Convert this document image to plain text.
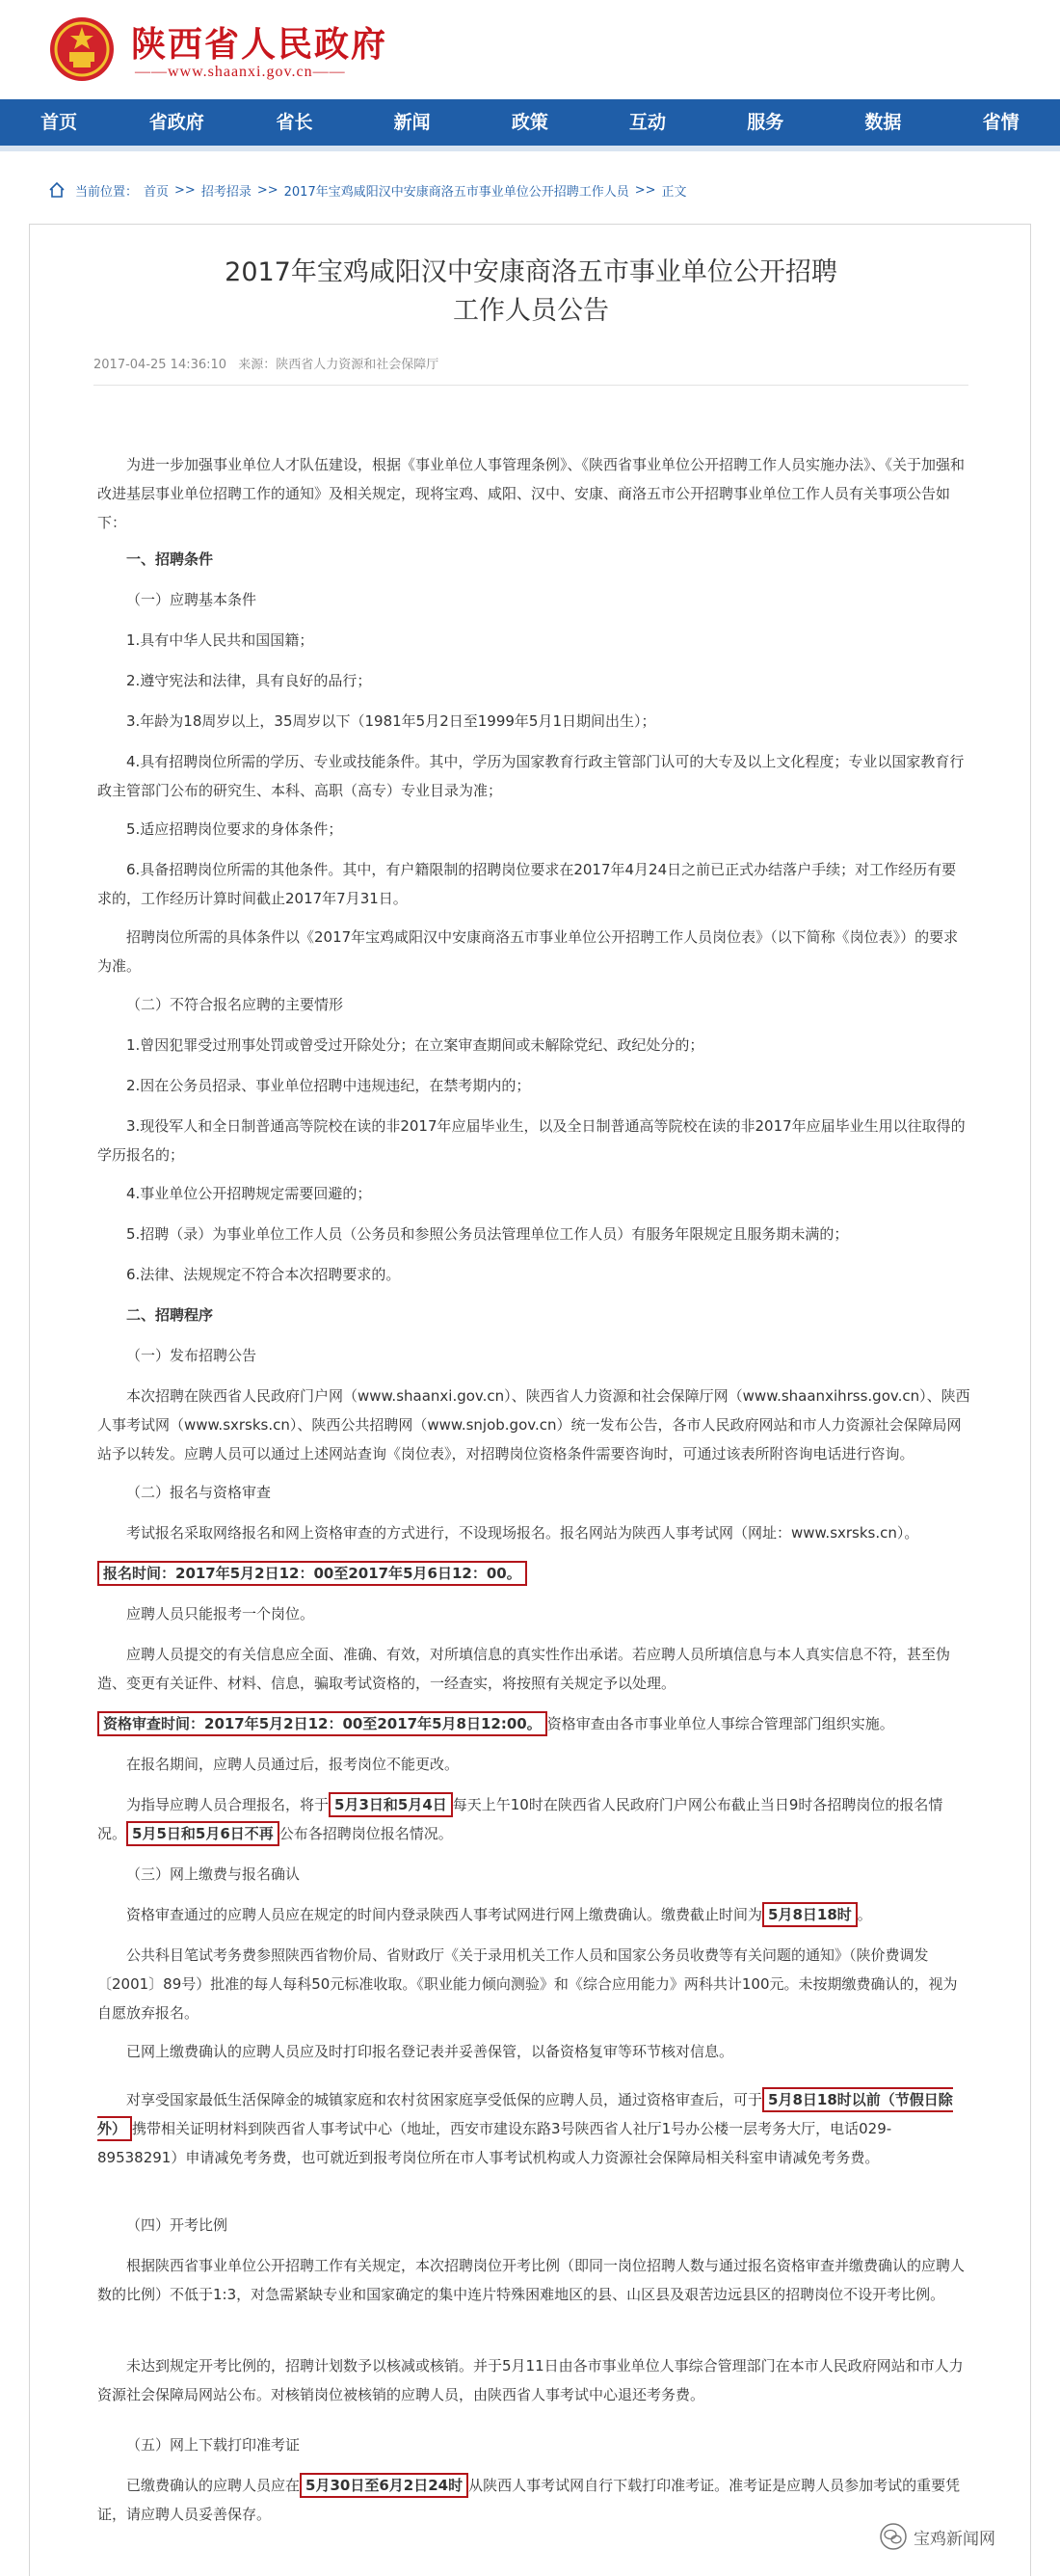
陕西省人民政府
——www.shaanxi.gov.cn——
首页	省政府	省长	新闻	政策	互动	服务	数据	省情
当前位置： 首页 >> 招考招录 >> 2017年宝鸡咸阳汉中安康商洛五市事业单位公开招聘工作人员 >> 正文
2017年宝鸡咸阳汉中安康商洛五市事业单位公开招聘
工作人员公告
2017-04-25 14:36:10 来源：陕西省人力资源和社会保障厅
为进一步加强事业单位人才队伍建设，根据《事业单位人事管理条例》、《陕西省事业单位公开招聘工作人员实施办法》、《关于加强和改进基层事业单位招聘工作的通知》及相关规定，现将宝鸡、咸阳、汉中、安康、商洛五市公开招聘事业单位工作人员有关事项公告如下：
一、招聘条件
（一）应聘基本条件
1.具有中华人民共和国国籍；
2.遵守宪法和法律，具有良好的品行；
3.年龄为18周岁以上，35周岁以下（1981年5月2日至1999年5月1日期间出生）；
4.具有招聘岗位所需的学历、专业或技能条件。其中，学历为国家教育行政主管部门认可的大专及以上文化程度；专业以国家教育行政主管部门公布的研究生、本科、高职（高专）专业目录为准；
5.适应招聘岗位要求的身体条件；
6.具备招聘岗位所需的其他条件。其中，有户籍限制的招聘岗位要求在2017年4月24日之前已正式办结落户手续；对工作经历有要求的，工作经历计算时间截止2017年7月31日。
招聘岗位所需的具体条件以《2017年宝鸡咸阳汉中安康商洛五市事业单位公开招聘工作人员岗位表》（以下简称《岗位表》）的要求为准。
（二）不符合报名应聘的主要情形
1.曾因犯罪受过刑事处罚或曾受过开除处分；在立案审查期间或未解除党纪、政纪处分的；
2.因在公务员招录、事业单位招聘中违规违纪，在禁考期内的；
3.现役军人和全日制普通高等院校在读的非2017年应届毕业生，以及全日制普通高等院校在读的非2017年应届毕业生用以往取得的学历报名的；
4.事业单位公开招聘规定需要回避的；
5.招聘（录）为事业单位工作人员（公务员和参照公务员法管理单位工作人员）有服务年限规定且服务期未满的；
6.法律、法规规定不符合本次招聘要求的。
二、招聘程序
（一）发布招聘公告
本次招聘在陕西省人民政府门户网（www.shaanxi.gov.cn）、陕西省人力资源和社会保障厅网（www.shaanxihrss.gov.cn）、陕西人事考试网（www.sxrsks.cn）、陕西公共招聘网（www.snjob.gov.cn）统一发布公告，各市人民政府网站和市人力资源社会保障局网站予以转发。应聘人员可以通过上述网站查询《岗位表》，对招聘岗位资格条件需要咨询时，可通过该表所附咨询电话进行咨询。
（二）报名与资格审查
考试报名采取网络报名和网上资格审查的方式进行，不设现场报名。报名网站为陕西人事考试网（网址：www.sxrsks.cn）。
报名时间：2017年5月2日12：00至2017年5月6日12：00。
应聘人员只能报考一个岗位。
应聘人员提交的有关信息应全面、准确、有效，对所填信息的真实性作出承诺。若应聘人员所填信息与本人真实信息不符，甚至伪造、变更有关证件、材料、信息，骗取考试资格的，一经查实，将按照有关规定予以处理。
资格审查时间：2017年5月2日12：00至2017年5月8日12:00。 资格审查由各市事业单位人事综合管理部门组织实施。
在报名期间，应聘人员通过后，报考岗位不能更改。
为指导应聘人员合理报名，将于 5月3日和5月4日 每天上午10时在陕西省人民政府门户网公布截止当日9时各招聘岗位的报名情况。 5月5日和5月6日不再 公布各招聘岗位报名情况。
（三）网上缴费与报名确认
资格审查通过的应聘人员应在规定的时间内登录陕西人事考试网进行网上缴费确认。缴费截止时间为 5月8日18时 。
公共科目笔试考务费参照陕西省物价局、省财政厅《关于录用机关工作人员和国家公务员收费等有关问题的通知》（陕价费调发〔2001〕89号）批准的每人每科50元标准收取。《职业能力倾向测验》和《综合应用能力》两科共计100元。未按期缴费确认的，视为自愿放弃报名。
已网上缴费确认的应聘人员应及时打印报名登记表并妥善保管，以备资格复审等环节核对信息。
对享受国家最低生活保障金的城镇家庭和农村贫困家庭享受低保的应聘人员，通过资格审查后，可于 5月8日18时以前（节假日除外） 携带相关证明材料到陕西省人事考试中心（地址，西安市建设东路3号陕西省人社厅1号办公楼一层考务大厅，电话029-89538291）申请减免考务费，也可就近到报考岗位所在市人事考试机构或人力资源社会保障局相关科室申请减免考务费。
（四）开考比例
根据陕西省事业单位公开招聘工作有关规定，本次招聘岗位开考比例（即同一岗位招聘人数与通过报名资格审查并缴费确认的应聘人数的比例）不低于1:3，对急需紧缺专业和国家确定的集中连片特殊困难地区的县、山区县及艰苦边远县区的招聘岗位不设开考比例。
未达到规定开考比例的，招聘计划数予以核减或核销。并于5月11日由各市事业单位人事综合管理部门在本市人民政府网站和市人力资源社会保障局网站公布。对核销岗位被核销的应聘人员，由陕西省人事考试中心退还考务费。
（五）网上下载打印准考证
已缴费确认的应聘人员应在 5月30日至6月2日24时 从陕西人事考试网自行下载打印准考证。准考证是应聘人员参加考试的重要凭证，请应聘人员妥善保存。
宝鸡新闻网
